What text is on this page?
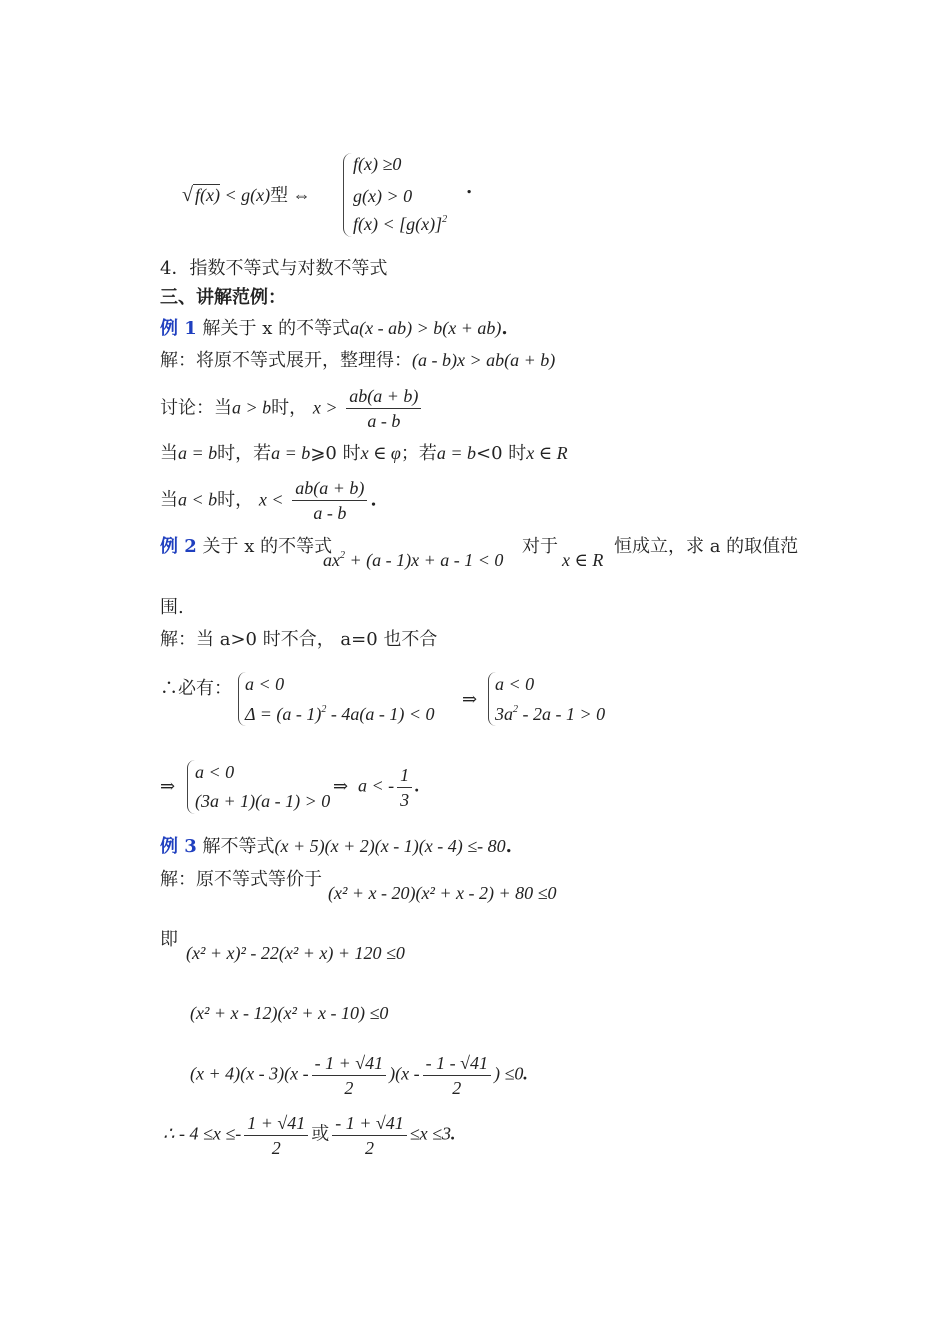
√ f(x) < g(x)型 ⇔
f(x) ≥0
g(x) > 0
$f(x) < [g(x)]^2$
.
4．指数不等式与对数不等式
三、讲解范例：
例 1 解关于 x 的不等式a(x - ab) > b(x + ab).
解：将原不等式展开，整理得：(a - b)x > ab(a + b)
讨论：当a > b时， $x > \frac{ab(a + b)}{a - b}$
当a = b时，若a = b⩾0 时x ∈ φ；若a = b<0 时x ∈ R
当a < b时， $x < \frac{ab(a + b)}{a - b}$ .
例 2 关于 x 的不等式
$ax^2 + (a - 1)x + a - 1 < 0$
对于
x ∈ R
恒成立，求 a 的取值范
围.
解：当 a>0 时不合， a=0 也不合
∴必有： a < 0
Δ = (a - 1)$^2$ - 4a(a - 1) < 0
⇒
a < 0
$3a^2 - 2a - 1 > 0$
⇒
a < 0
(3a + 1)(a - 1) > 0
⇒ a < - $\frac{1}{3}$ .
例 3 解不等式(x + 5)(x + 2)(x - 1)(x - 4) ≤- 80.
解：原不等式等价于
(x² + x - 20)(x² + x - 2) + 80 ≤0
即
(x² + x)² - 22(x² + x) + 120 ≤0
(x² + x - 12)(x² + x - 10) ≤0
$(x + 4)(x - 3)(x - \frac{- 1 + √41}{2} )(x - \frac{- 1 - √41}{2}$ ) ≤0.
∴ - $4 \le x \le- \frac{1 + √41}{2}$ 或 $\frac{- 1 + √41}{2} \le x \le 3$.
